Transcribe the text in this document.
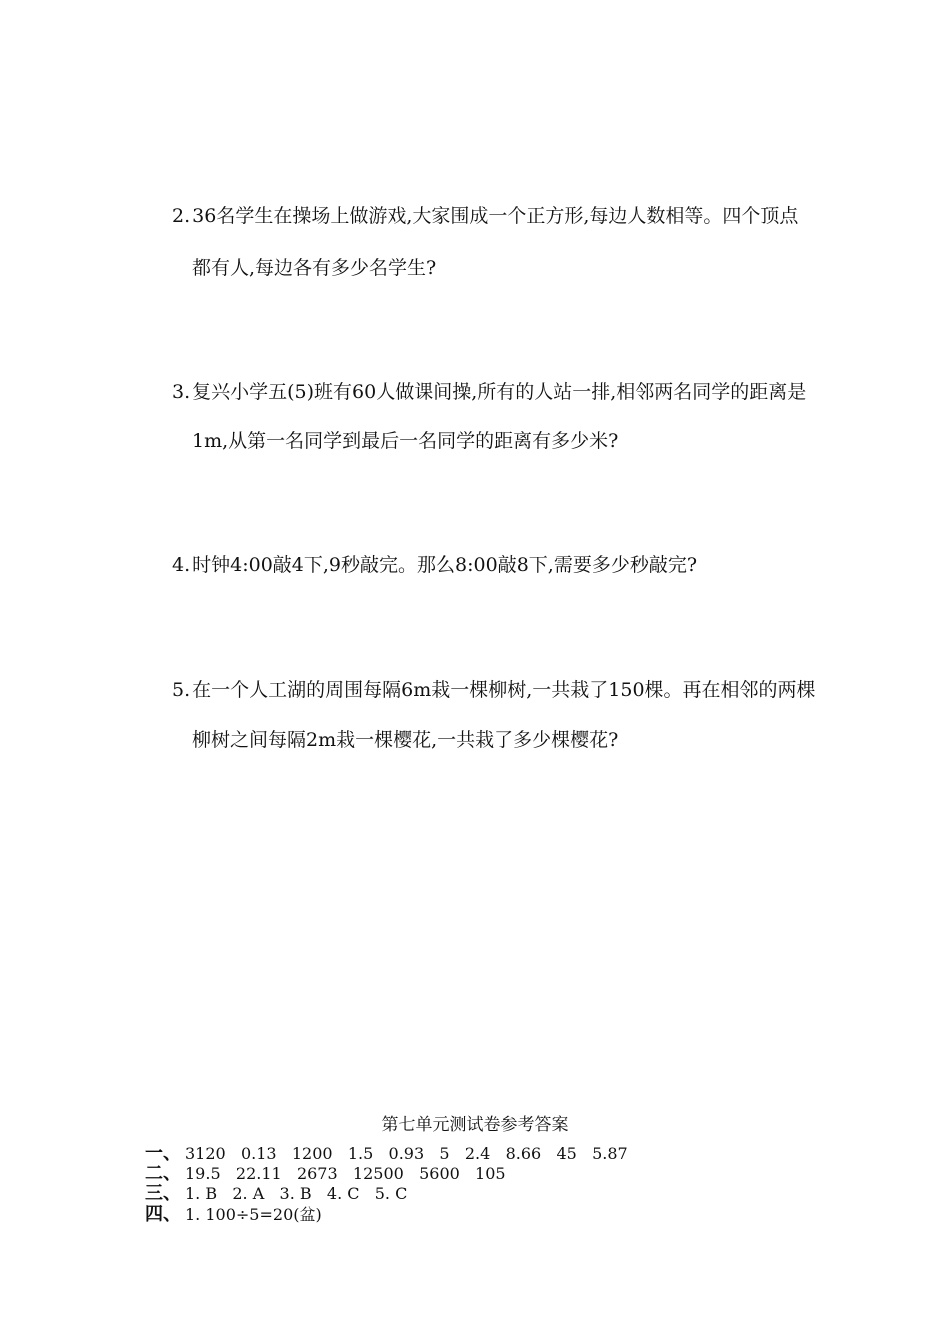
2. 36名学生在操场上做游戏,大家围成一个正方形,每边人数相等。四个顶点
都有人,每边各有多少名学生?
3. 复兴小学五(5)班有60人做课间操,所有的人站一排,相邻两名同学的距离是
1m,从第一名同学到最后一名同学的距离有多少米?
4. 时钟4:00敲4下,9秒敲完。那么8:00敲8下,需要多少秒敲完?
5. 在一个人工湖的周围每隔6m栽一棵柳树,一共栽了150棵。再在相邻的两棵
柳树之间每隔2m栽一棵樱花,一共栽了多少棵樱花?
第七单元测试卷参考答案
一、 3120   0.13   1200   1.5   0.93   5   2.4   8.66   45   5.87
二、 19.5   22.11   2673   12500   5600   105
三、 1. B   2. A   3. B   4. C   5. C
四、 1. 100÷5=20(盆)
